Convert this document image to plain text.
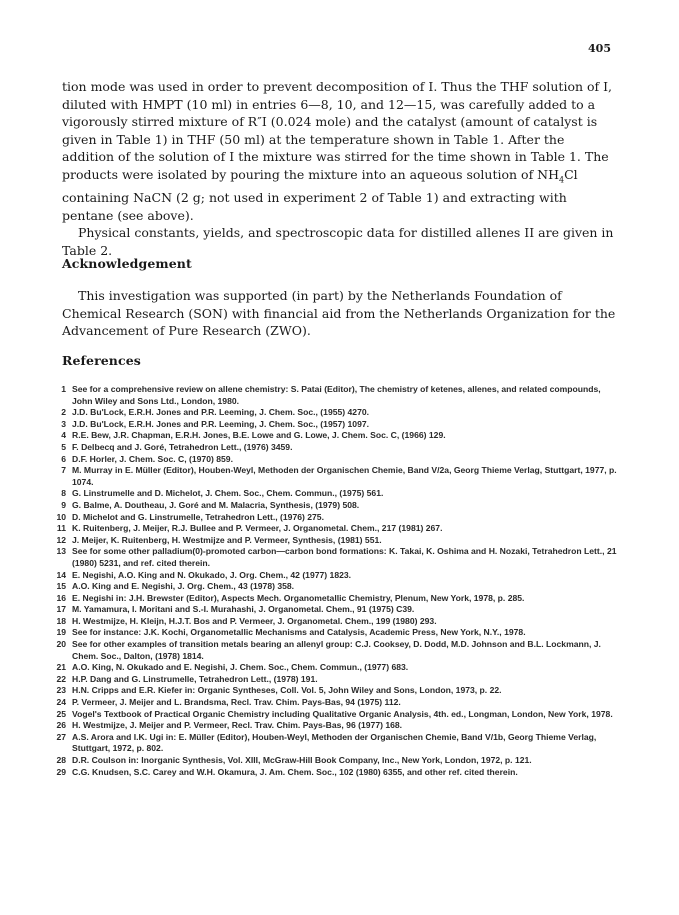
405

tion mode was used in order to prevent decomposition of I. Thus the THF solution of I, diluted with HMPT (10 ml) in entries 6—8, 10, and 12—15, was carefully added to a vigorously stirred mixture of R″I (0.024 mole) and the catalyst (amount of catalyst is given in Table 1) in THF (50 ml) at the temperature shown in Table 1. After the addition of the solution of I the mixture was stirred for the time shown in Table 1. The products were isolated by pouring the mixture into an aqueous solution of $NH_4Cl$ containing NaCN (2 g; not used in experiment 2 of Table 1) and extracting with pentane (see above).

Physical constants, yields, and spectroscopic data for distilled allenes II are given in Table 2.

Acknowledgement

This investigation was supported (in part) by the Netherlands Foundation of Chemical Research (SON) with financial aid from the Netherlands Organization for the Advancement of Pure Research (ZWO).

References
1 See for a comprehensive review on allene chemistry: S. Patai (Editor), The chemistry of ketenes, allenes, and related compounds, John Wiley and Sons Ltd., London, 1980.
2 J.D. Bu'Lock, E.R.H. Jones and P.R. Leeming, J. Chem. Soc., (1955) 4270.
3 J.D. Bu'Lock, E.R.H. Jones and P.R. Leeming, J. Chem. Soc., (1957) 1097.
4 R.E. Bew, J.R. Chapman, E.R.H. Jones, B.E. Lowe and G. Lowe, J. Chem. Soc. C, (1966) 129.
5 F. Delbecq and J. Goré, Tetrahedron Lett., (1976) 3459.
6 D.F. Horler, J. Chem. Soc. C, (1970) 859.
7 M. Murray in E. Müller (Editor), Houben-Weyl, Methoden der Organischen Chemie, Band V/2a, Georg Thieme Verlag, Stuttgart, 1977, p. 1074.
8 G. Linstrumelle and D. Michelot, J. Chem. Soc., Chem. Commun., (1975) 561.
9 G. Balme, A. Doutheau, J. Goré and M. Malacria, Synthesis, (1979) 508.
10 D. Michelot and G. Linstrumelle, Tetrahedron Lett., (1976) 275.
11 K. Ruitenberg, J. Meijer, R.J. Bullee and P. Vermeer, J. Organometal. Chem., 217 (1981) 267.
12 J. Meijer, K. Ruitenberg, H. Westmijze and P. Vermeer, Synthesis, (1981) 551.
13 See for some other palladium(0)-promoted carbon—carbon bond formations: K. Takai, K. Oshima and H. Nozaki, Tetrahedron Lett., 21 (1980) 5231, and ref. cited therein.
14 E. Negishi, A.O. King and N. Okukado, J. Org. Chem., 42 (1977) 1823.
15 A.O. King and E. Negishi, J. Org. Chem., 43 (1978) 358.
16 E. Negishi in: J.H. Brewster (Editor), Aspects Mech. Organometallic Chemistry, Plenum, New York, 1978, p. 285.
17 M. Yamamura, I. Moritani and S.-I. Murahashi, J. Organometal. Chem., 91 (1975) C39.
18 H. Westmijze, H. Kleijn, H.J.T. Bos and P. Vermeer, J. Organometal. Chem., 199 (1980) 293.
19 See for instance: J.K. Kochi, Organometallic Mechanisms and Catalysis, Academic Press, New York, N.Y., 1978.
20 See for other examples of transition metals bearing an allenyl group: C.J. Cooksey, D. Dodd, M.D. Johnson and B.L. Lockmann, J. Chem. Soc., Dalton, (1978) 1814.
21 A.O. King, N. Okukado and E. Negishi, J. Chem. Soc., Chem. Commun., (1977) 683.
22 H.P. Dang and G. Linstrumelle, Tetrahedron Lett., (1978) 191.
23 H.N. Cripps and E.R. Kiefer in: Organic Syntheses, Coll. Vol. 5, John Wiley and Sons, London, 1973, p. 22.
24 P. Vermeer, J. Meijer and L. Brandsma, Recl. Trav. Chim. Pays-Bas, 94 (1975) 112.
25 Vogel's Textbook of Practical Organic Chemistry including Qualitative Organic Analysis, 4th. ed., Longman, London, New York, 1978.
26 H. Westmijze, J. Meijer and P. Vermeer, Recl. Trav. Chim. Pays-Bas, 96 (1977) 168.
27 A.S. Arora and I.K. Ugi in: E. Müller (Editor), Houben-Weyl, Methoden der Organischen Chemie, Band V/1b, Georg Thieme Verlag, Stuttgart, 1972, p. 802.
28 D.R. Coulson in: Inorganic Synthesis, Vol. XIII, McGraw-Hill Book Company, Inc., New York, London, 1972, p. 121.
29 C.G. Knudsen, S.C. Carey and W.H. Okamura, J. Am. Chem. Soc., 102 (1980) 6355, and other ref. cited therein.
